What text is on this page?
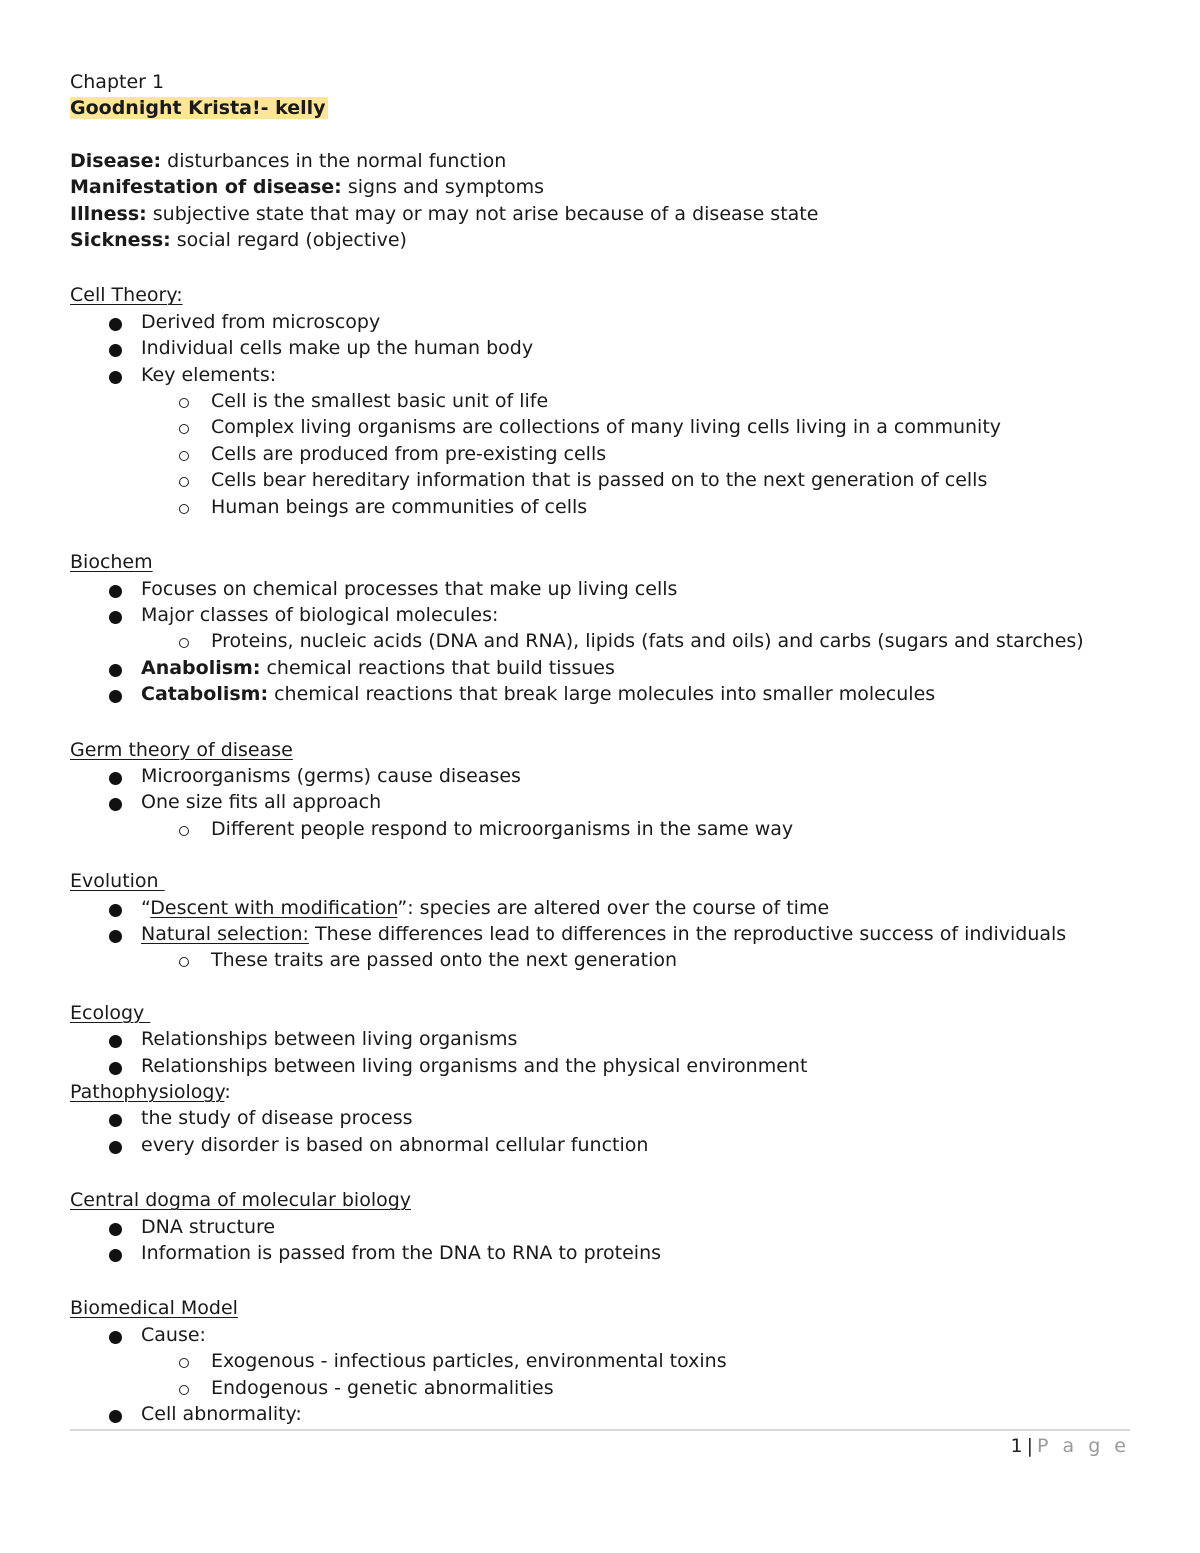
Chapter 1
Goodnight Krista!- kelly
Disease: disturbances in the normal function
Manifestation of disease: signs and symptoms
Illness: subjective state that may or may not arise because of a disease state
Sickness: social regard (objective)
Cell Theory:
Derived from microscopy
Individual cells make up the human body
Key elements:
Cell is the smallest basic unit of life
Complex living organisms are collections of many living cells living in a community
Cells are produced from pre-existing cells
Cells bear hereditary information that is passed on to the next generation of cells
Human beings are communities of cells
Biochem
Focuses on chemical processes that make up living cells
Major classes of biological molecules:
Proteins, nucleic acids (DNA and RNA), lipids (fats and oils) and carbs (sugars and starches)
Anabolism: chemical reactions that build tissues
Catabolism: chemical reactions that break large molecules into smaller molecules
Germ theory of disease
Microorganisms (germs) cause diseases
One size fits all approach
Different people respond to microorganisms in the same way
Evolution
“Descent with modification”: species are altered over the course of time
Natural selection: These differences lead to differences in the reproductive success of individuals
These traits are passed onto the next generation
Ecology
Relationships between living organisms
Relationships between living organisms and the physical environment
Pathophysiology:
the study of disease process
every disorder is based on abnormal cellular function
Central dogma of molecular biology
DNA structure
Information is passed from the DNA to RNA to proteins
Biomedical Model
Cause:
Exogenous - infectious particles, environmental toxins
Endogenous - genetic abnormalities
Cell abnormality:
1 | P a g e
